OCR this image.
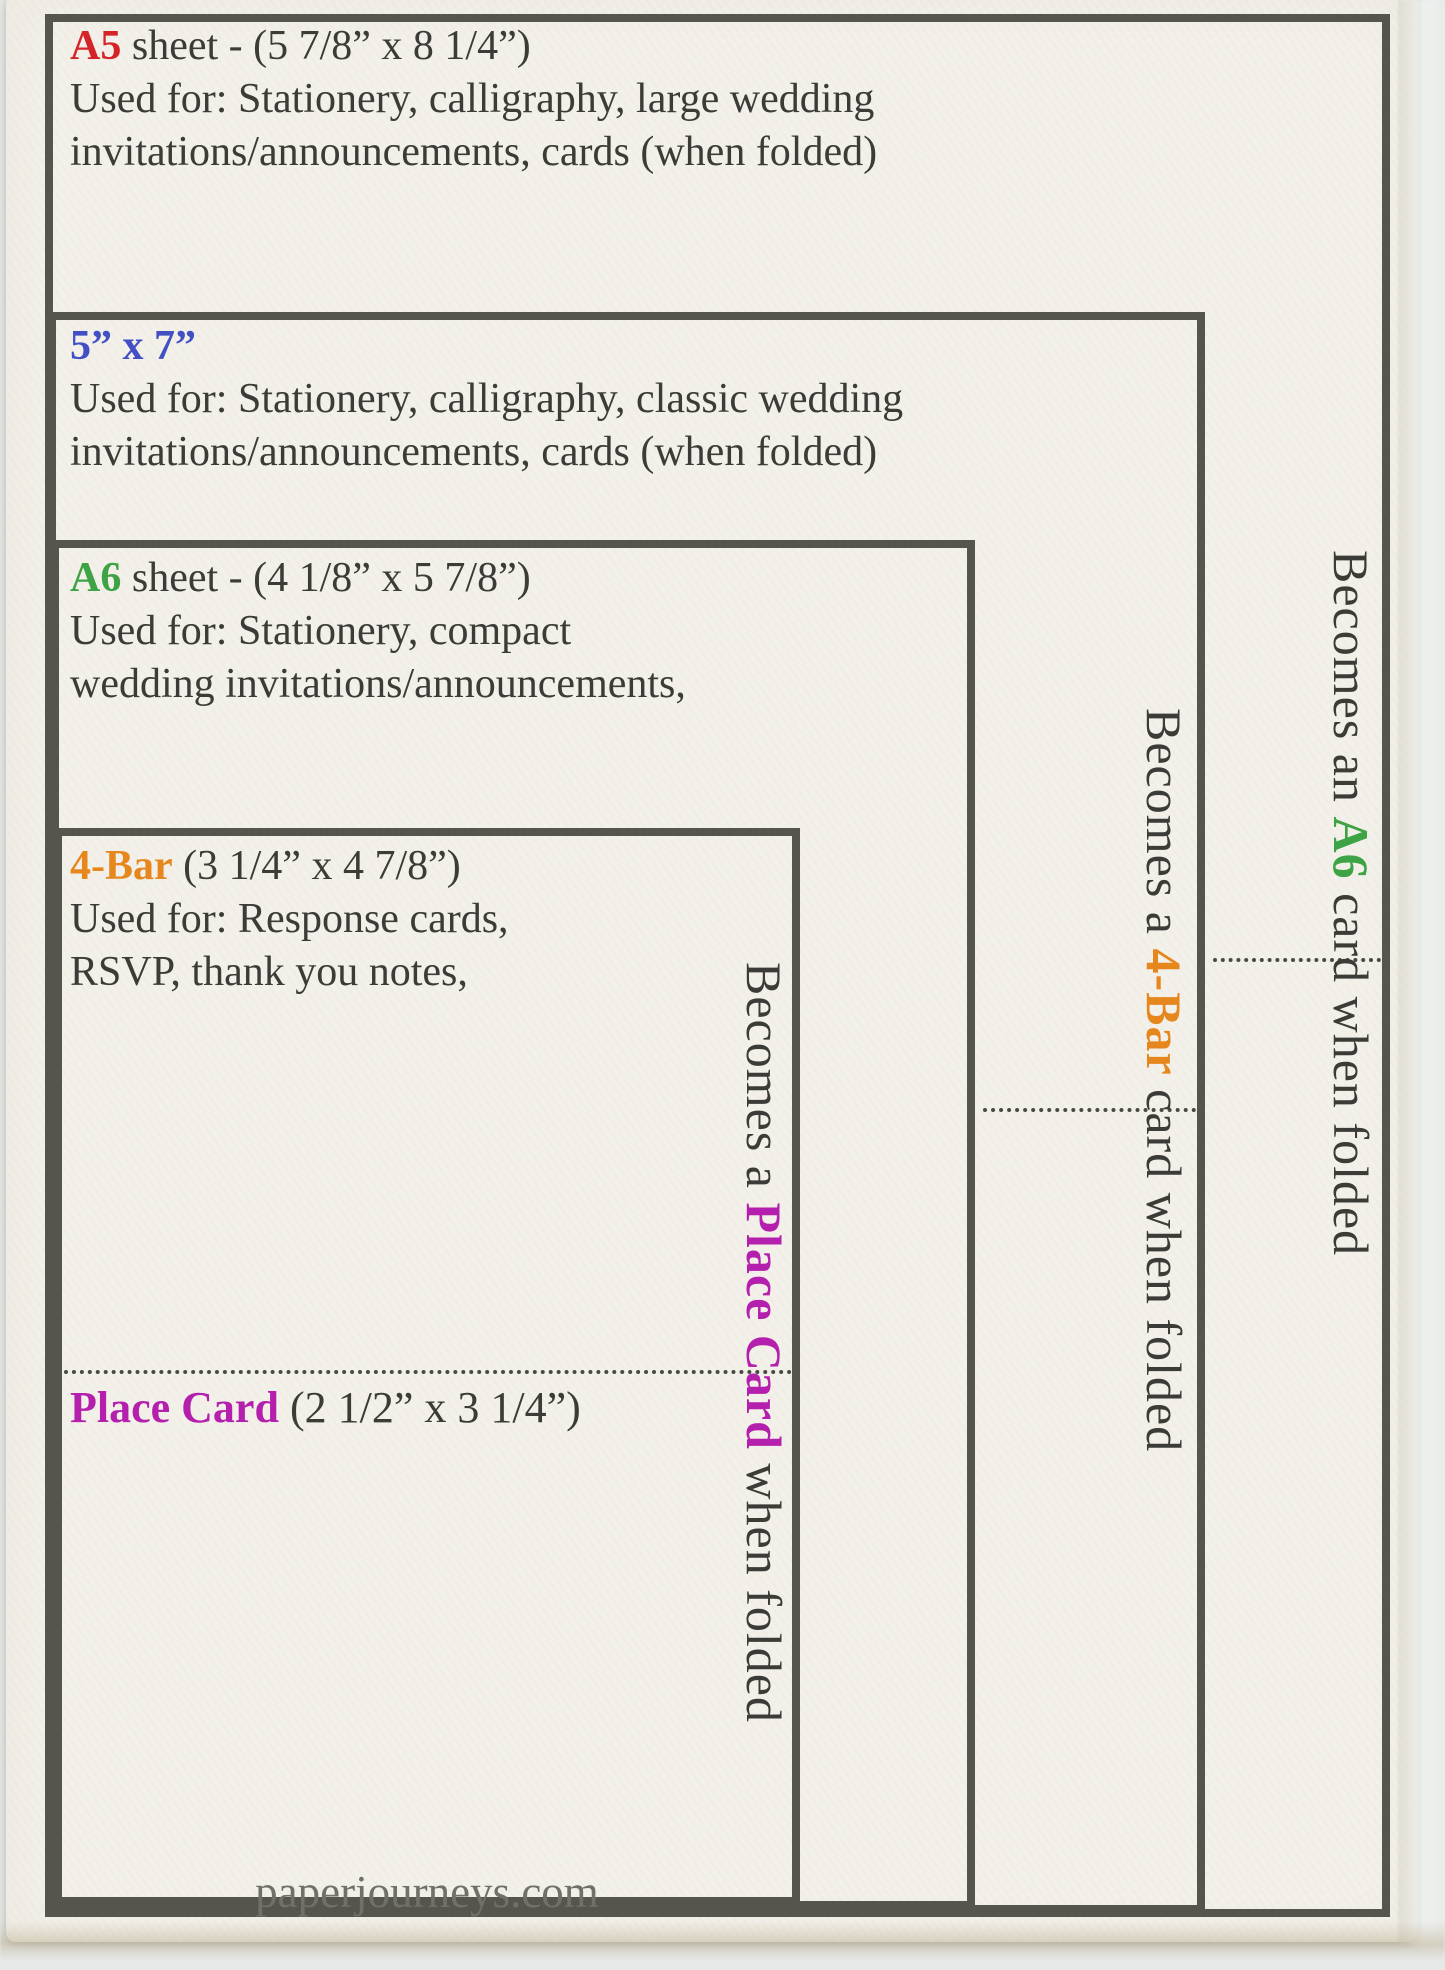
A5 sheet - (5 7/8” x 8 1/4”)
Used for: Stationery, calligraphy, large wedding
invitations/announcements, cards (when folded)
5” x 7”
Used for: Stationery, calligraphy, classic wedding
invitations/announcements, cards (when folded)
A6 sheet - (4 1/8” x 5 7/8”)
Used for: Stationery, compact
wedding invitations/announcements,
4-Bar (3 1/4” x 4 7/8”)
Used for: Response cards,
RSVP, thank you notes,	Becomes a Place Card when folded
Becomes a 4-Bar card when folded
Becomes an A6 card when folded
Place Card (2 1/2” x 3 1/4”)
paperjourneys.com
